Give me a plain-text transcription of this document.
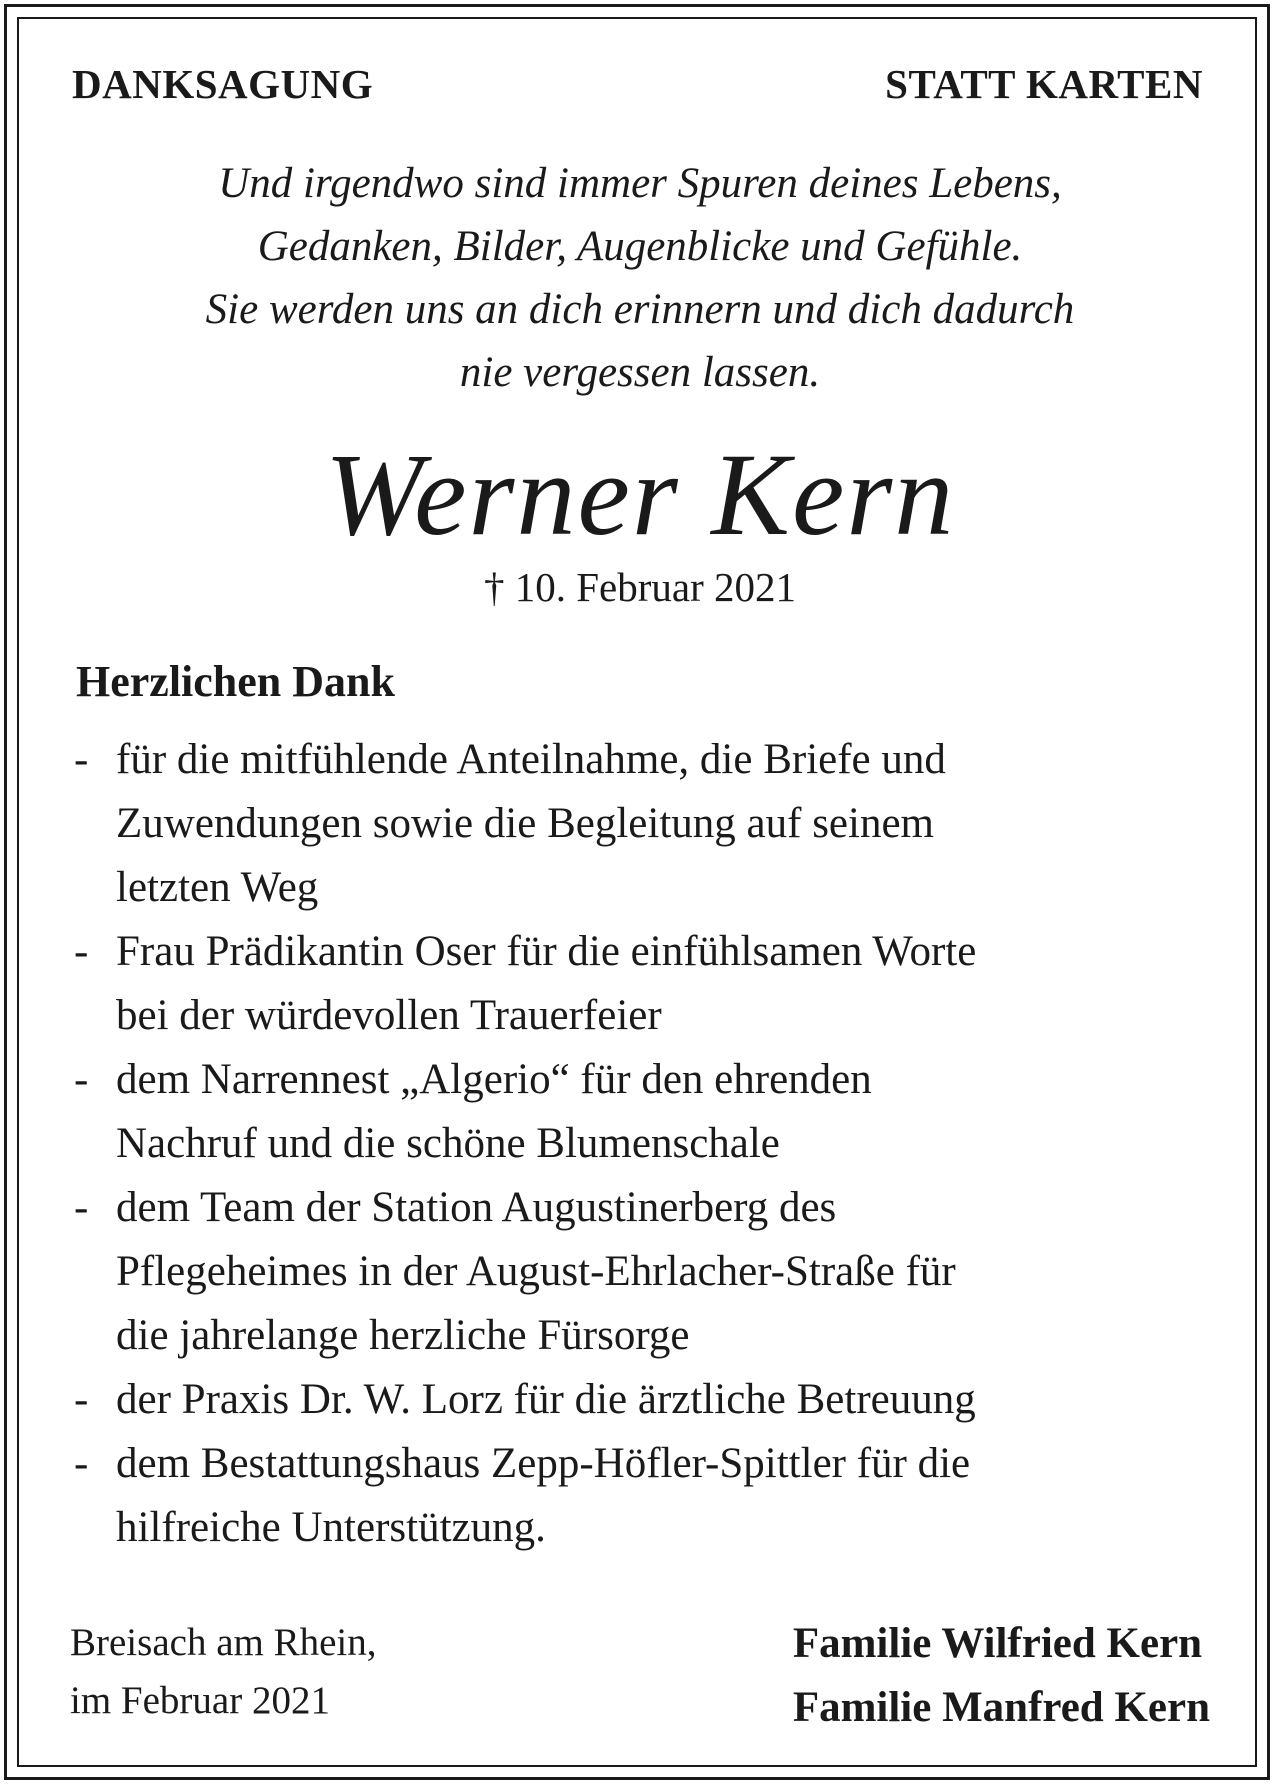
DANKSAGUNG	STATT KARTEN
Und irgendwo sind immer Spuren deines Lebens,
Gedanken, Bilder, Augenblicke und Gefühle.
Sie werden uns an dich erinnern und dich dadurch
nie vergessen lassen.
Werner Kern
† 10. Februar 2021
Herzlichen Dank
- für die mitfühlende Anteilnahme, die Briefe und
Zuwendungen sowie die Begleitung auf seinem
letzten Weg
- Frau Prädikantin Oser für die einfühlsamen Worte
bei der würdevollen Trauerfeier
- dem Narrennest „Algerio“ für den ehrenden
Nachruf und die schöne Blumenschale
- dem Team der Station Augustinerberg des
Pflegeheimes in der August-Ehrlacher-Straße für
die jahrelange herzliche Fürsorge
- der Praxis Dr. W. Lorz für die ärztliche Betreuung
- dem Bestattungshaus Zepp-Höfler-Spittler für die
hilfreiche Unterstützung.
Breisach am Rhein,
im Februar 2021
Familie Wilfried Kern
Familie Manfred Kern
